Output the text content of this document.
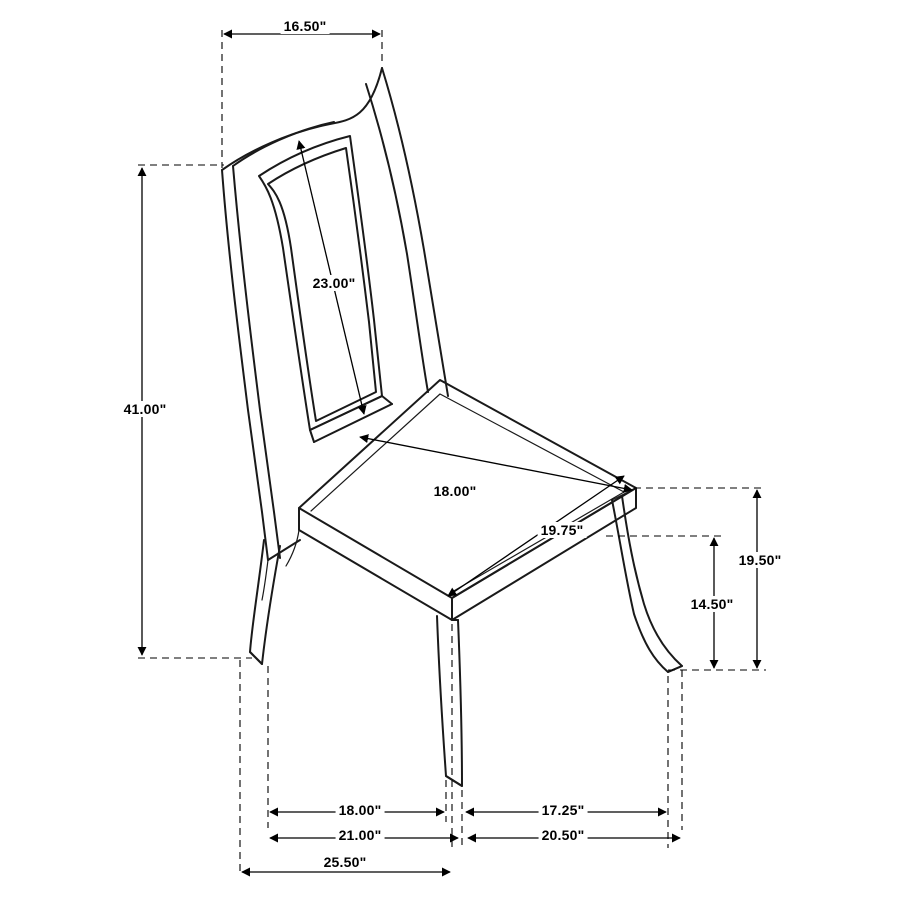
16.50"
23.00"
41.00"
18.00"
19.75"
19.50"
14.50"
18.00"	17.25"
21.00"	20.50"
25.50"
